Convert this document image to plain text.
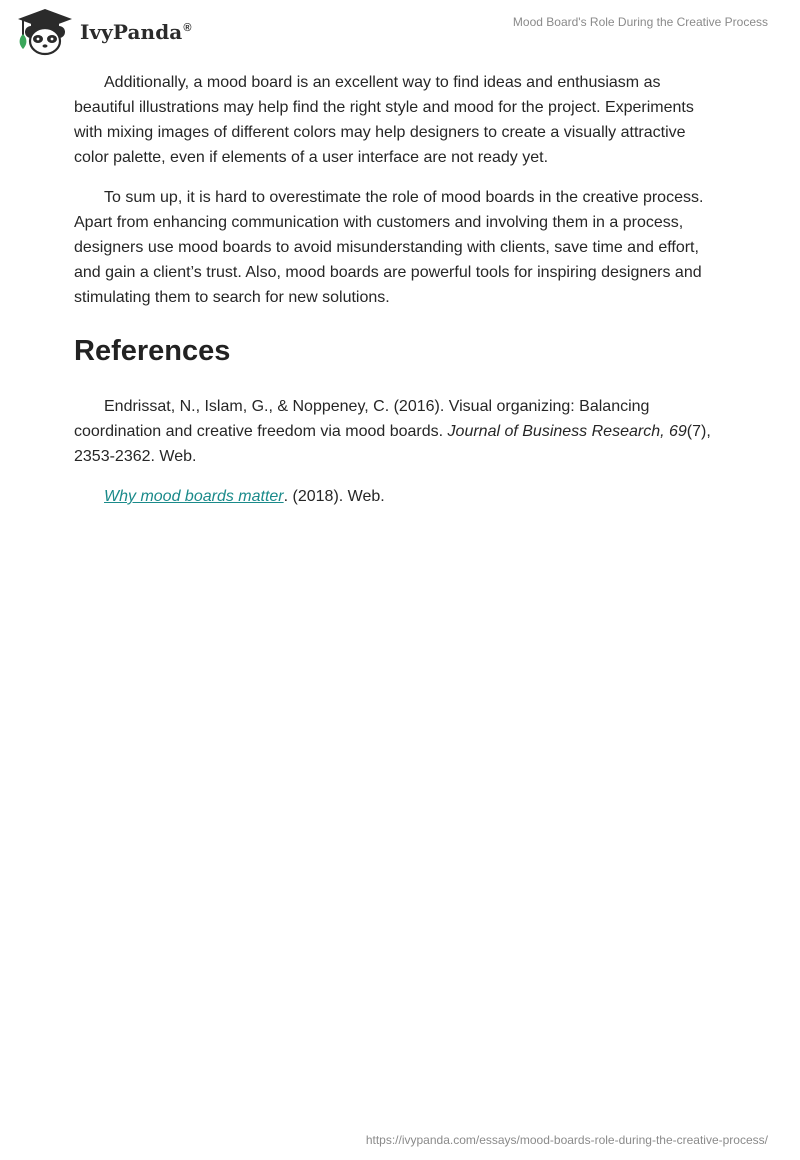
IvyPanda®	Mood Board's Role During the Creative Process

Additionally, a mood board is an excellent way to find ideas and enthusiasm as beautiful illustrations may help find the right style and mood for the project. Experiments with mixing images of different colors may help designers to create a visually attractive color palette, even if elements of a user interface are not ready yet.

To sum up, it is hard to overestimate the role of mood boards in the creative process. Apart from enhancing communication with customers and involving them in a process, designers use mood boards to avoid misunderstanding with clients, save time and effort, and gain a client’s trust. Also, mood boards are powerful tools for inspiring designers and stimulating them to search for new solutions.

References

Endrissat, N., Islam, G., & Noppeney, C. (2016). Visual organizing: Balancing coordination and creative freedom via mood boards. Journal of Business Research, 69(7), 2353-2362. Web.

Why mood boards matter. (2018). Web.

https://ivypanda.com/essays/mood-boards-role-during-the-creative-process/
